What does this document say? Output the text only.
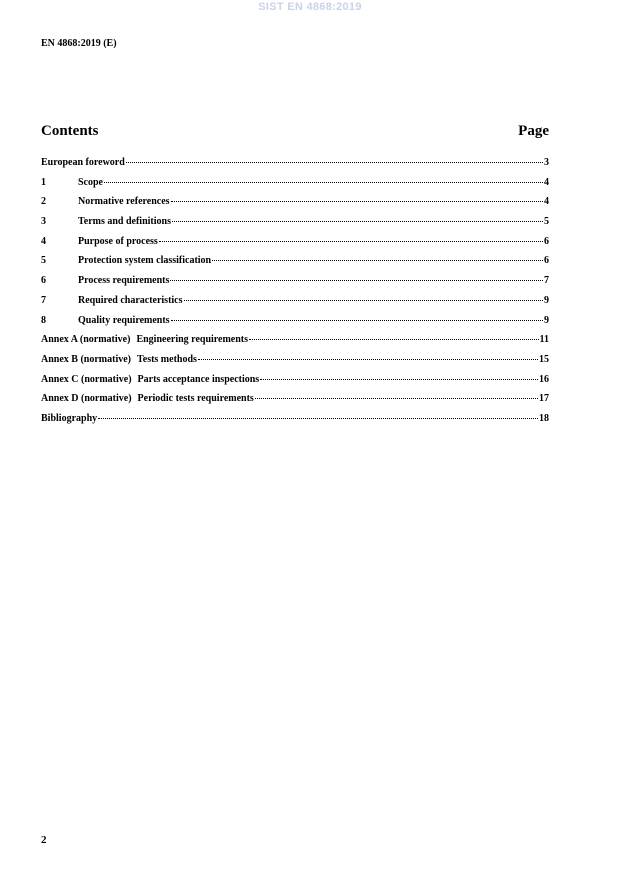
SIST EN 4868:2019
EN 4868:2019 (E)
Contents	Page
European foreword	3
1	Scope	4
2	Normative references	4
3	Terms and definitions	5
4	Purpose of process	6
5	Protection system classification	6
6	Process requirements	7
7	Required characteristics	9
8	Quality requirements	9
Annex A (normative) Engineering requirements	11
Annex B (normative) Tests methods	15
Annex C (normative) Parts acceptance inspections	16
Annex D (normative) Periodic tests requirements	17
Bibliography	18
2
